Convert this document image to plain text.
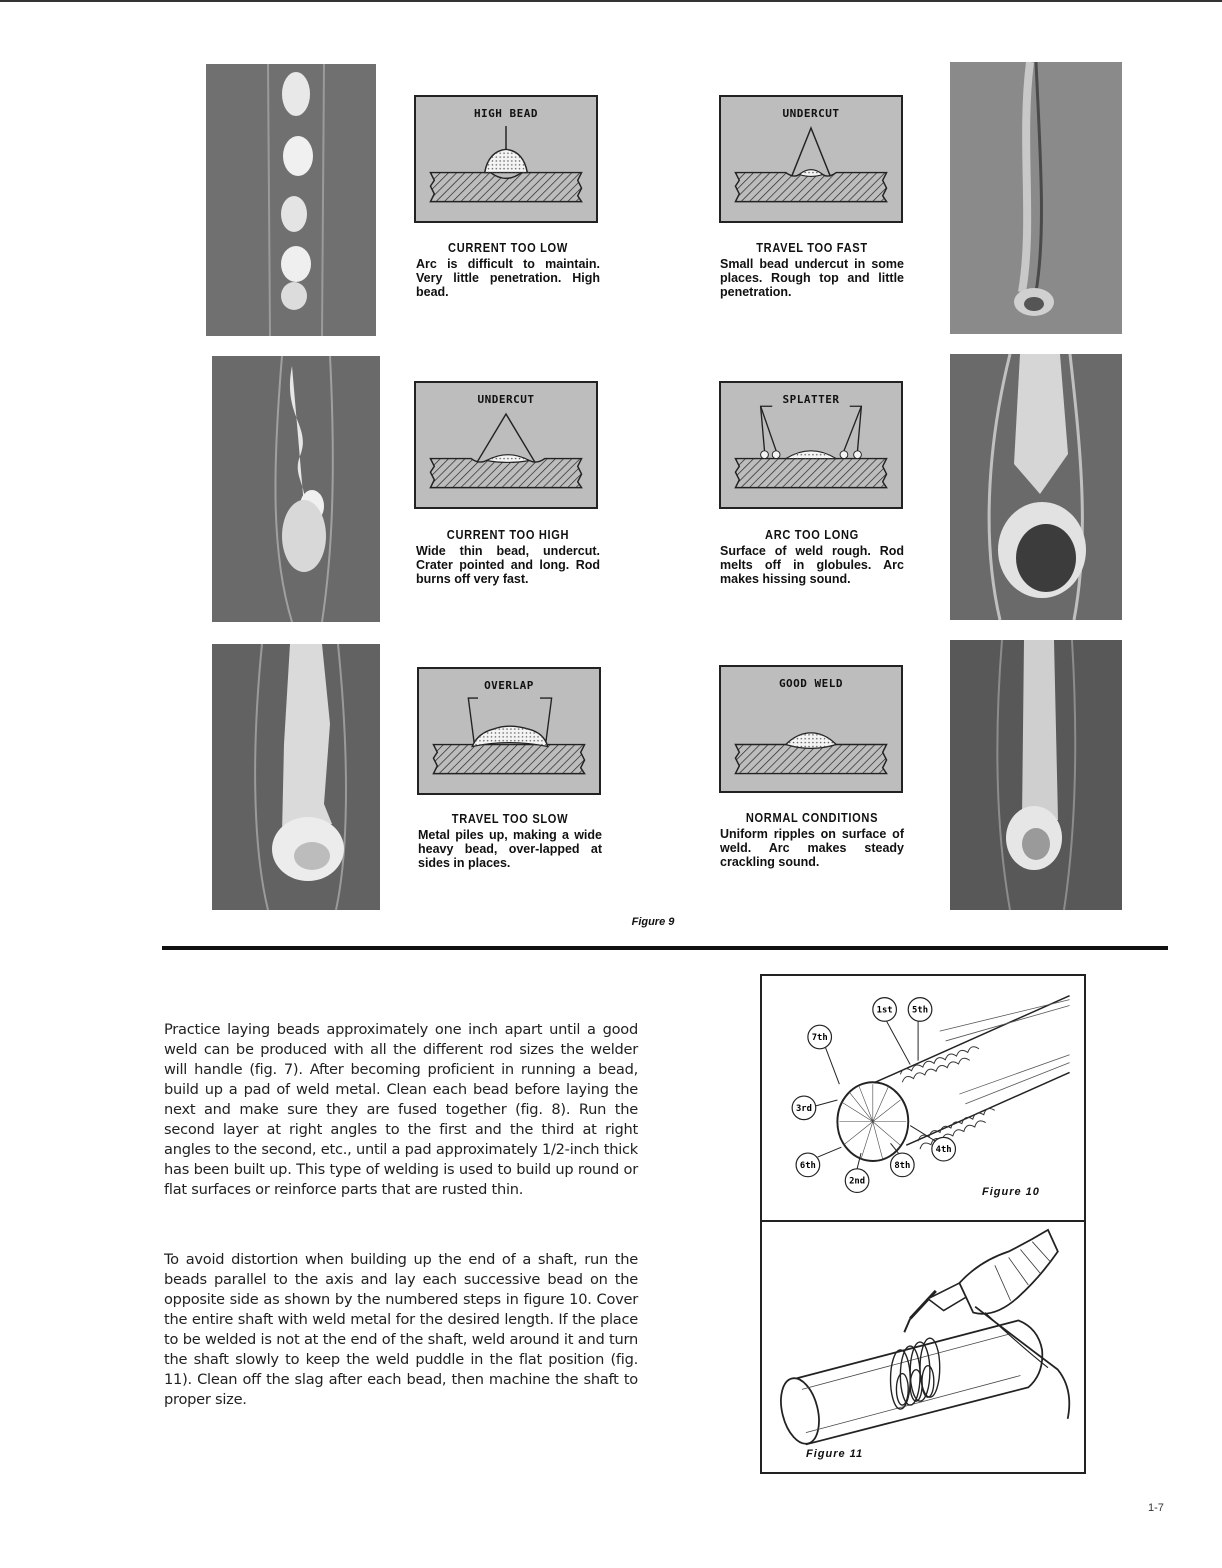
HIGH BEAD	UNDERCUT
UNDERCUT	SPLATTER
OVERLAP	GOOD WELD
CURRENT TOO LOW
Arc is difficult to maintain. Very little penetration. High bead.
TRAVEL TOO FAST
Small bead undercut in some places. Rough top and little penetration.
CURRENT TOO HIGH
Wide thin bead, undercut. Crater pointed and long. Rod burns off very fast.
ARC TOO LONG
Surface of weld rough. Rod melts off in globules. Arc makes hissing sound.
TRAVEL TOO SLOW
Metal piles up, making a wide heavy bead, over-lapped at sides in places.
NORMAL CONDITIONS
Uniform ripples on surface of weld. Arc makes steady crackling sound.
Figure 9

Practice laying beads approximately one inch apart until a good weld can be produced with all the different rod sizes the welder will handle (fig. 7). After becoming proficient in running a bead, build up a pad of weld metal. Clean each bead before laying the next and make sure they are fused together (fig. 8). Run the second layer at right angles to the first and the third at right angles to the second, etc., until a pad approximately 1/2-inch thick has been built up. This type of welding is used to build up round or flat surfaces or reinforce parts that are rusted thin.

To avoid distortion when building up the end of a shaft, run the beads parallel to the axis and lay each successive bead on the opposite side as shown by the numbered steps in figure 10. Cover the entire shaft with weld metal for the desired length. If the place to be welded is not at the end of the shaft, weld around it and turn the shaft slowly to keep the weld puddle in the flat position (fig. 11). Clean off the slag after each bead, then machine the shaft to proper size.

1st 5th
7th
3rd
4th
6th
2nd
8th
Figure 10
Figure 11
1-7
